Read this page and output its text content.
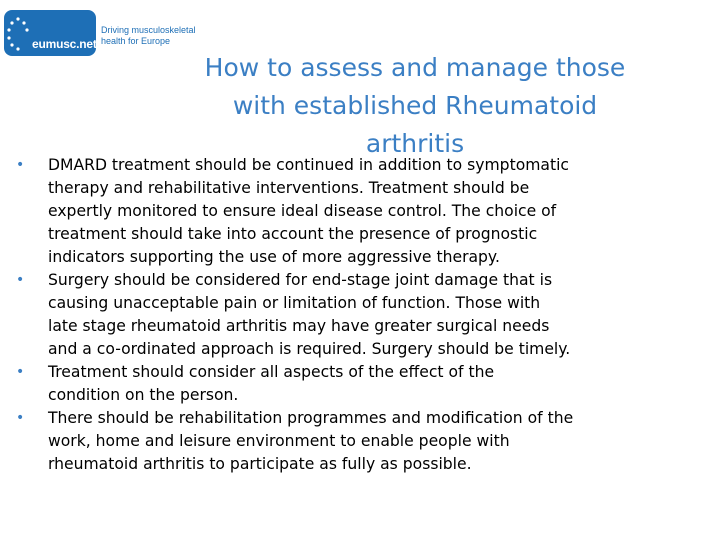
eumusc.net
Driving musculoskeletal
health for Europe
How to assess and manage those
with established Rheumatoid
arthritis
• DMARD treatment should be continued in addition to symptomatic
therapy and rehabilitative interventions. Treatment should be
expertly monitored to ensure ideal disease control. The choice of
treatment should take into account the presence of prognostic
indicators supporting the use of more aggressive therapy.
• Surgery should be considered for end-stage joint damage that is
causing unacceptable pain or limitation of function. Those with
late stage rheumatoid arthritis may have greater surgical needs
and a co-ordinated approach is required. Surgery should be timely.
• Treatment should consider all aspects of the effect of the
condition on the person.
• There should be rehabilitation programmes and modification of the
work, home and leisure environment to enable people with
rheumatoid arthritis to participate as fully as possible.
